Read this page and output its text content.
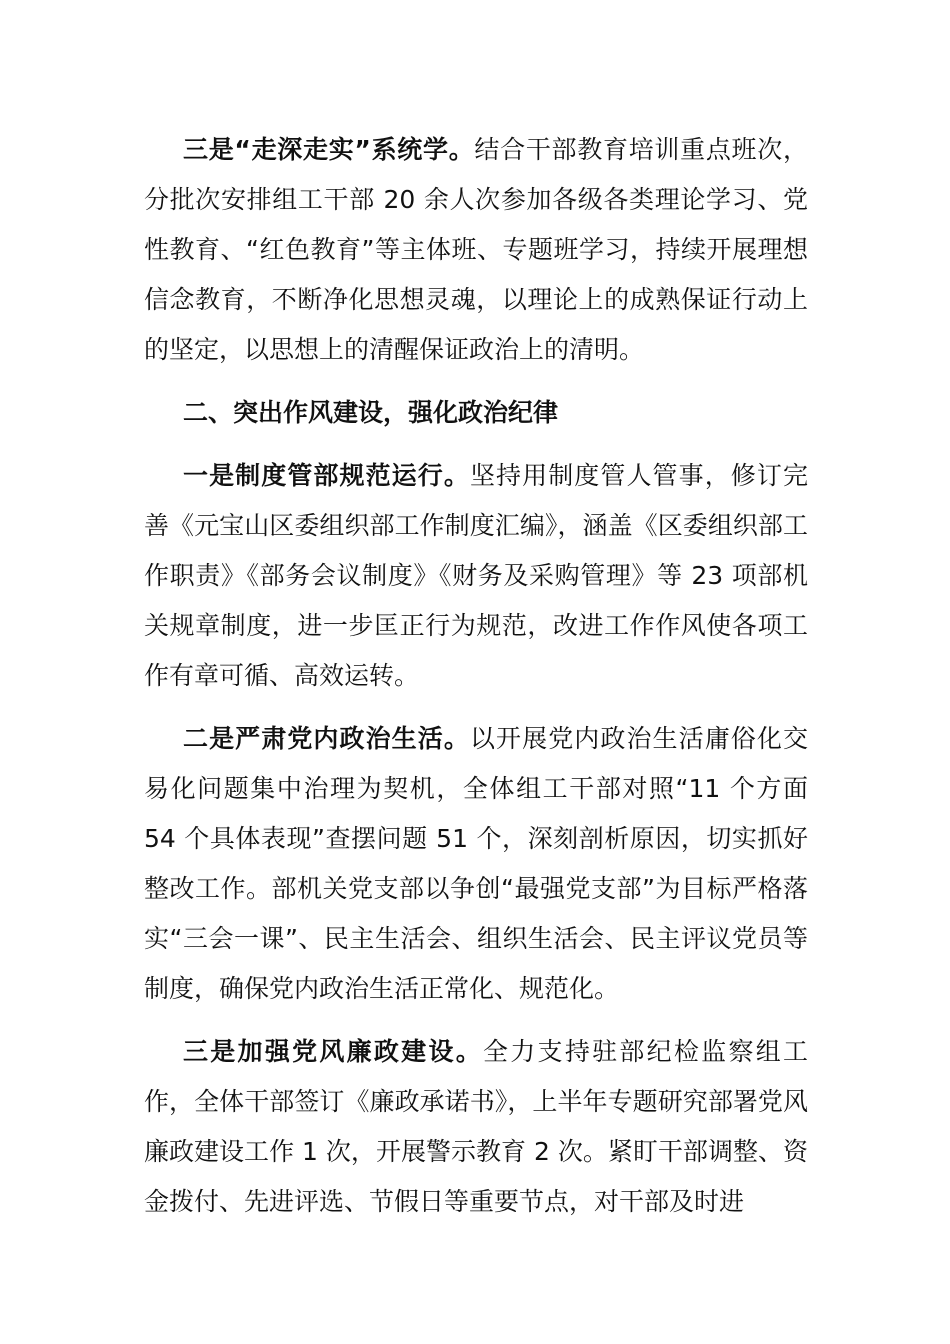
三是“走深走实”系统学。结合干部教育培训重点班次，分批次安排组工干部 20 余人次参加各级各类理论学习、党性教育、“红色教育”等主体班、专题班学习，持续开展理想信念教育，不断净化思想灵魂，以理论上的成熟保证行动上的坚定，以思想上的清醒保证政治上的清明。

二、突出作风建设，强化政治纪律

一是制度管部规范运行。坚持用制度管人管事，修订完善《元宝山区委组织部工作制度汇编》，涵盖《区委组织部工作职责》《部务会议制度》《财务及采购管理》等 23 项部机关规章制度，进一步匡正行为规范，改进工作作风使各项工作有章可循、高效运转。

二是严肃党内政治生活。以开展党内政治生活庸俗化交易化问题集中治理为契机，全体组工干部对照“11 个方面 54 个具体表现”查摆问题 51 个，深刻剖析原因，切实抓好整改工作。部机关党支部以争创“最强党支部”为目标严格落实“三会一课”、民主生活会、组织生活会、民主评议党员等制度，确保党内政治生活正常化、规范化。

三是加强党风廉政建设。全力支持驻部纪检监察组工作，全体干部签订《廉政承诺书》，上半年专题研究部署党风廉政建设工作 1 次，开展警示教育 2 次。紧盯干部调整、资金拨付、先进评选、节假日等重要节点，对干部及时进
